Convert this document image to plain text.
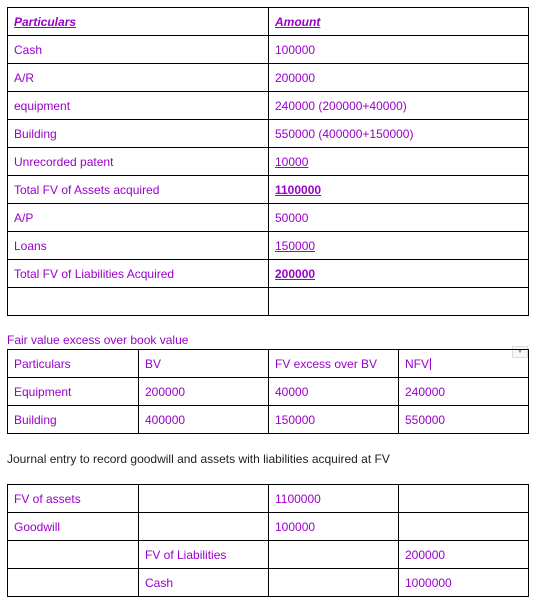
Particulars	Amount
Cash	100000
A/R	200000
equipment	240000 (200000+40000)
Building	550000 (400000+150000)
Unrecorded patent	10000
Total FV of Assets acquired	1100000
A/P	50000
Loans	150000
Total FV of Liabilities Acquired	200000

Fair value excess over book value
▼
Particulars	BV	FV excess over BV	NFV
Equipment	200000	40000	240000
Building	400000	150000	550000
Journal entry to record goodwill and assets with liabilities acquired at FV
FV of assets		1100000	
Goodwill		100000	
	FV of Liabilities		200000
	Cash		1000000
